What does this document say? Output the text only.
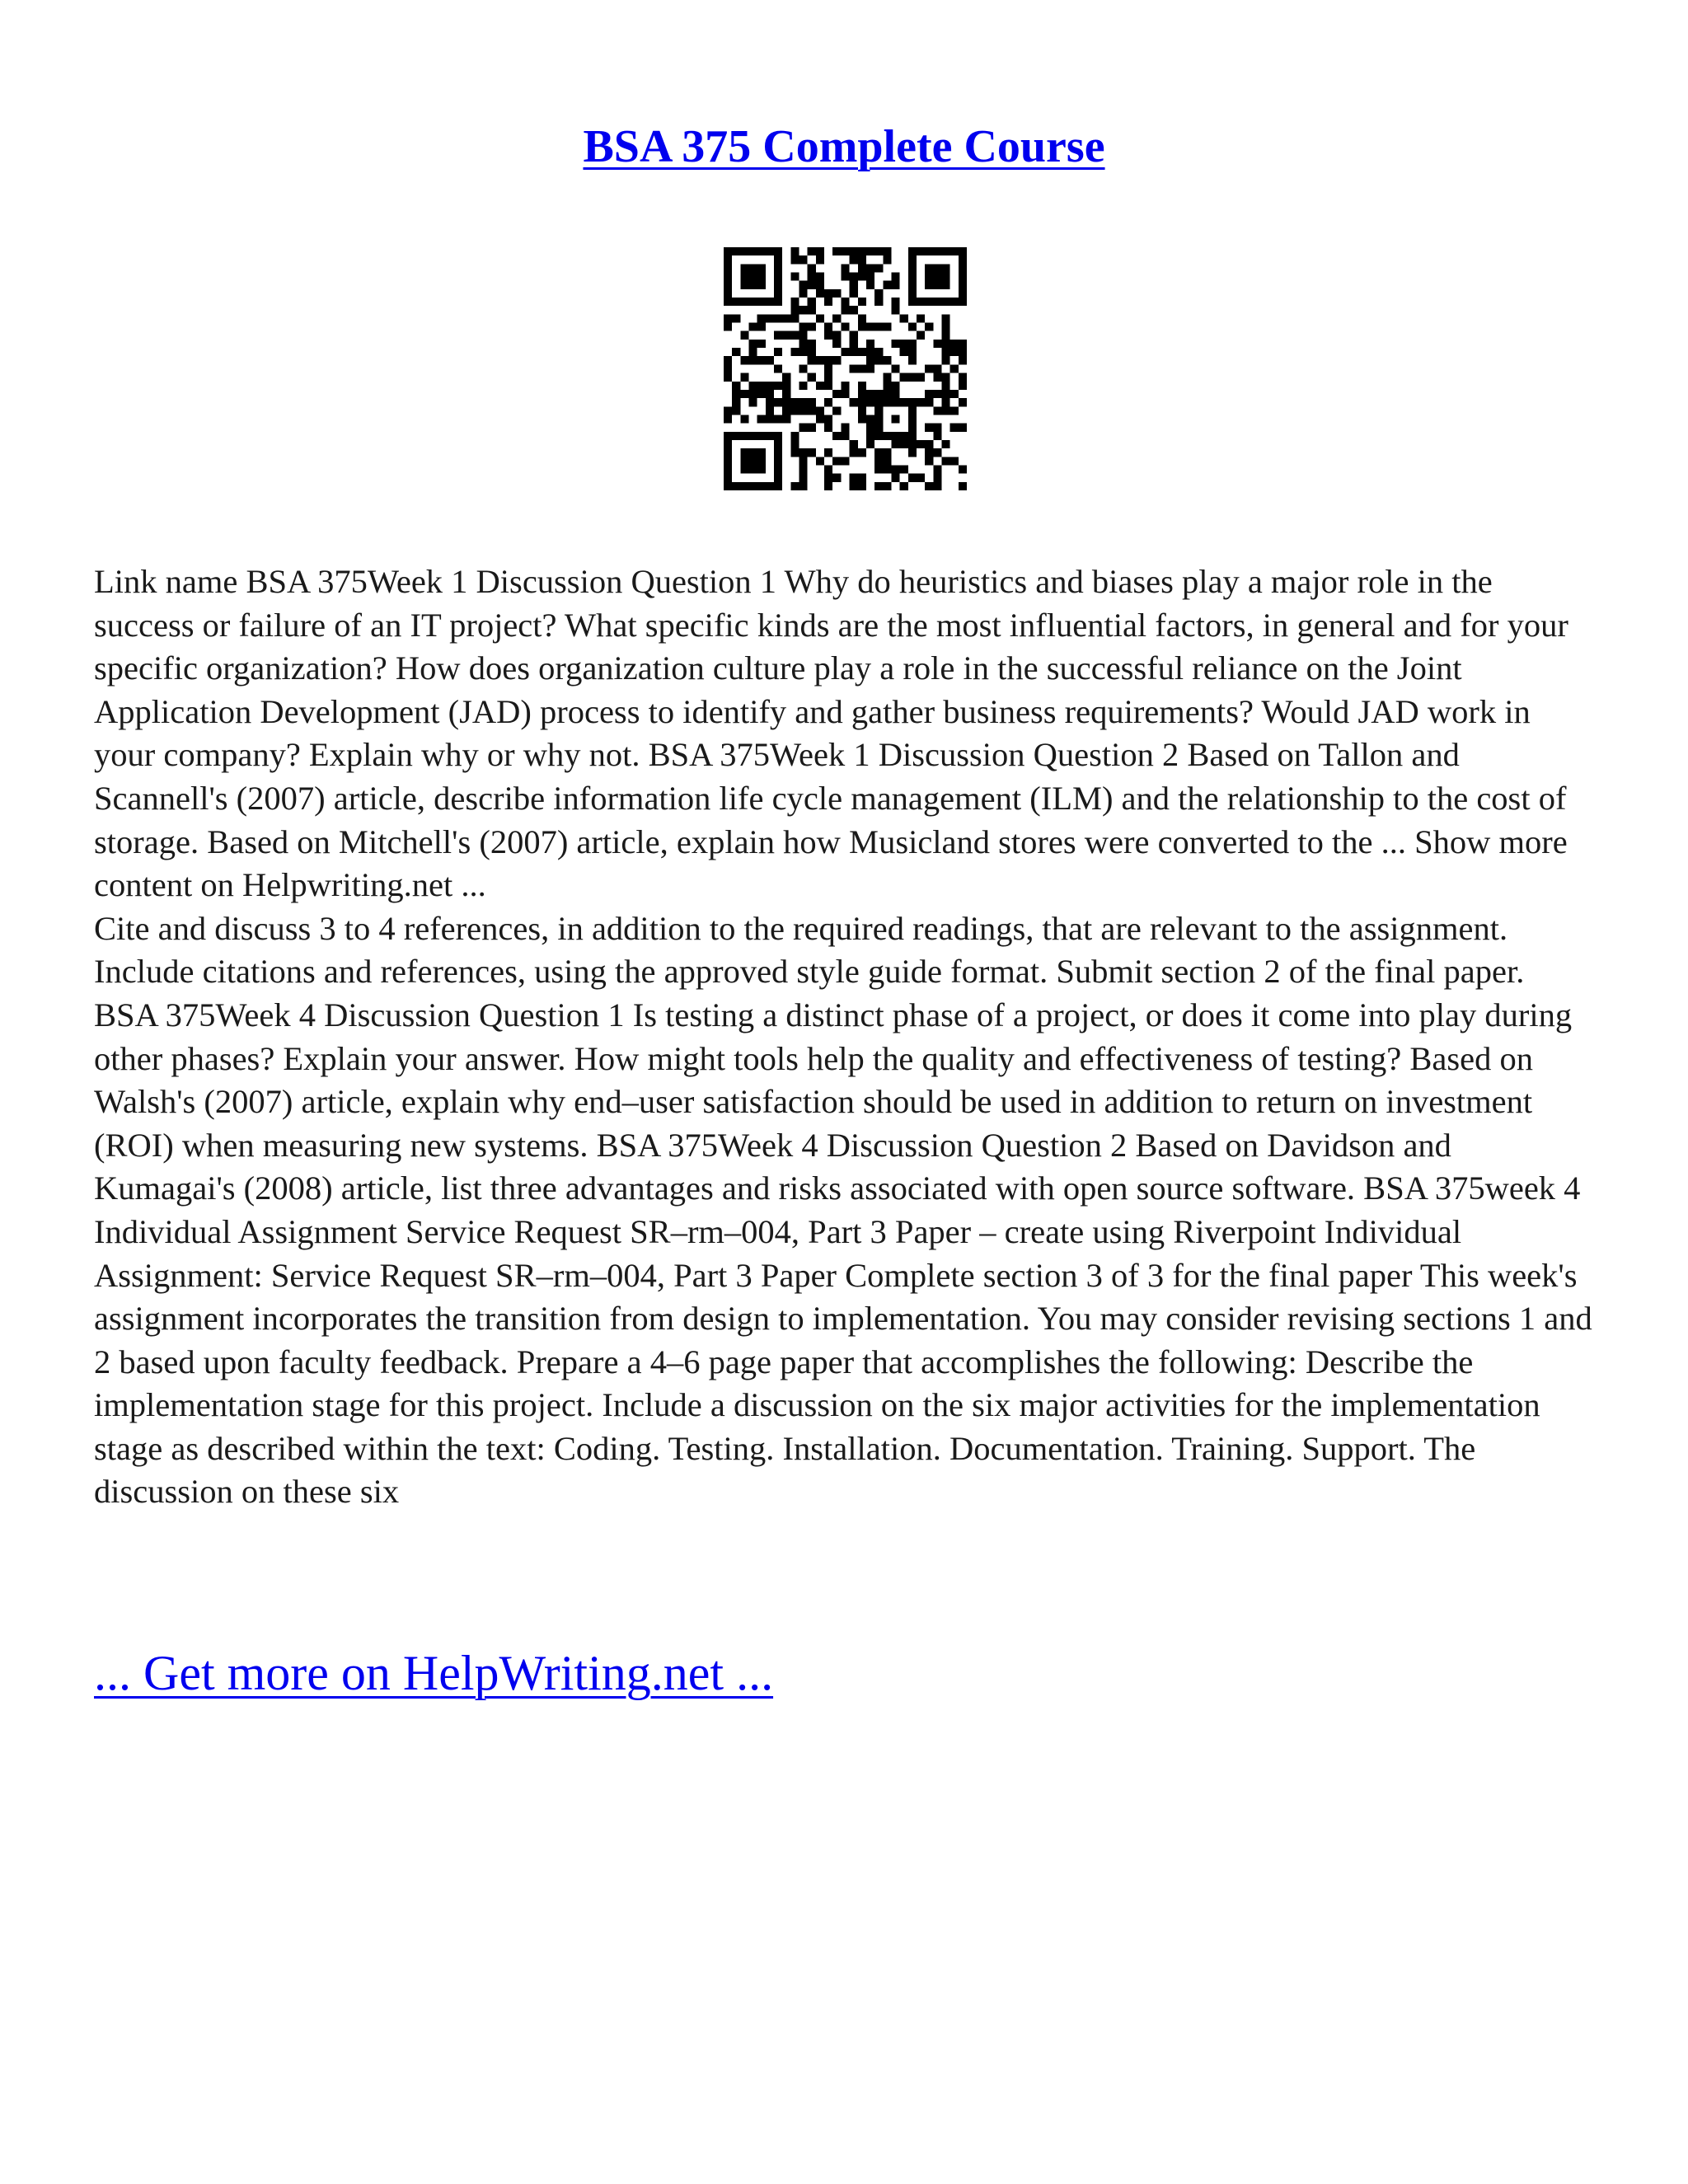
BSA 375 Complete Course

Link name BSA 375Week 1 Discussion Question 1 Why do heuristics and biases play a major role in the success or failure of an IT project? What specific kinds are the most influential factors, in general and for your specific organization? How does organization culture play a role in the successful reliance on the Joint Application Development (JAD) process to identify and gather business requirements? Would JAD work in your company? Explain why or why not. BSA 375Week 1 Discussion Question 2 Based on Tallon and Scannell's (2007) article, describe information life cycle management (ILM) and the relationship to the cost of storage. Based on Mitchell's (2007) article, explain how Musicland stores were converted to the ... Show more content on Helpwriting.net ...

Cite and discuss 3 to 4 references, in addition to the required readings, that are relevant to the assignment. Include citations and references, using the approved style guide format. Submit section 2 of the final paper. BSA 375Week 4 Discussion Question 1 Is testing a distinct phase of a project, or does it come into play during other phases? Explain your answer. How might tools help the quality and effectiveness of testing? Based on Walsh's (2007) article, explain why end–user satisfaction should be used in addition to return on investment (ROI) when measuring new systems. BSA 375Week 4 Discussion Question 2 Based on Davidson and Kumagai's (2008) article, list three advantages and risks associated with open source software. BSA 375week 4 Individual Assignment Service Request SR–rm–004, Part 3 Paper – create using Riverpoint Individual Assignment: Service Request SR–rm–004, Part 3 Paper Complete section 3 of 3 for the final paper This week's assignment incorporates the transition from design to implementation. You may consider revising sections 1 and 2 based upon faculty feedback. Prepare a 4–6 page paper that accomplishes the following: Describe the implementation stage for this project. Include a discussion on the six major activities for the implementation stage as described within the text: Coding. Testing. Installation. Documentation. Training. Support. The discussion on these six

... Get more on HelpWriting.net ...
